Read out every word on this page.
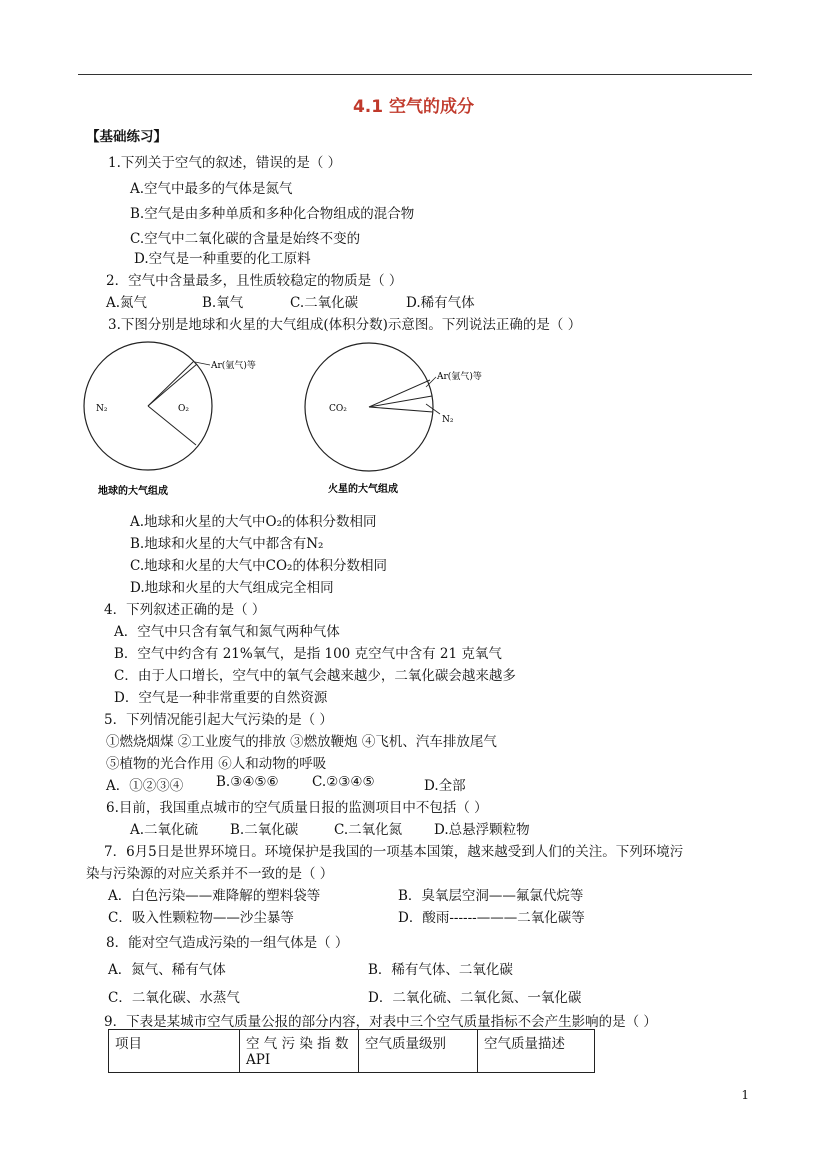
4.1 空气的成分
【基础练习】
1.下列关于空气的叙述，错误的是（ ）
A.空气中最多的气体是氮气
B.空气是由多种单质和多种化合物组成的混合物
C.空气中二氧化碳的含量是始终不变的
D.空气是一种重要的化工原料
2．空气中含量最多，且性质较稳定的物质是（ ）
A.氮气	B.氧气	C.二氧化碳	D.稀有气体
3.下图分别是地球和火星的大气组成(体积分数)示意图。下列说法正确的是（ ）
N₂	O₂
Ar(氩气)等
地球的大气组成
CO₂
Ar(氩气)等
N₂
火星的大气组成
A.地球和火星的大气中O₂的体积分数相同
B.地球和火星的大气中都含有N₂
C.地球和火星的大气中CO₂的体积分数相同
D.地球和火星的大气组成完全相同
4．下列叙述正确的是（ ）
A．空气中只含有氧气和氮气两种气体
B．空气中约含有 21%氧气，是指 100 克空气中含有 21 克氧气
C．由于人口增长，空气中的氧气会越来越少，二氧化碳会越来越多
D．空气是一种非常重要的自然资源
5．下列情况能引起大气污染的是（ ）
①燃烧烟煤 ②工业废气的排放 ③燃放鞭炮 ④飞机、汽车排放尾气
⑤植物的光合作用 ⑥人和动物的呼吸
A．①②③④ B.③④⑤⑥ C.②③④⑤	D.全部
6.目前，我国重点城市的空气质量日报的监测项目中不包括（ ）
A.二氧化硫 B.二氧化碳	C.二氧化氮 D.总悬浮颗粒物
7．6月5日是世界环境日。环境保护是我国的一项基本国策，越来越受到人们的关注。下列环境污
染与污染源的对应关系并不一致的是（ ）
A．白色污染——难降解的塑料袋等	B．臭氧层空洞——氟氯代烷等
C．吸入性颗粒物——沙尘暴等	D．酸雨------———二氧化碳等
8．能对空气造成污染的一组气体是（ ）
A．氮气、稀有气体	B．稀有气体、二氧化碳
C．二氧化碳、水蒸气	D．二氧化硫、二氧化氮、一氧化碳
9．下表是某城市空气质量公报的部分内容，对表中三个空气质量指标不会产生影响的是（ ）
项目	空 气 污 染 指 数 API	空气质量级别	空气质量描述
1
